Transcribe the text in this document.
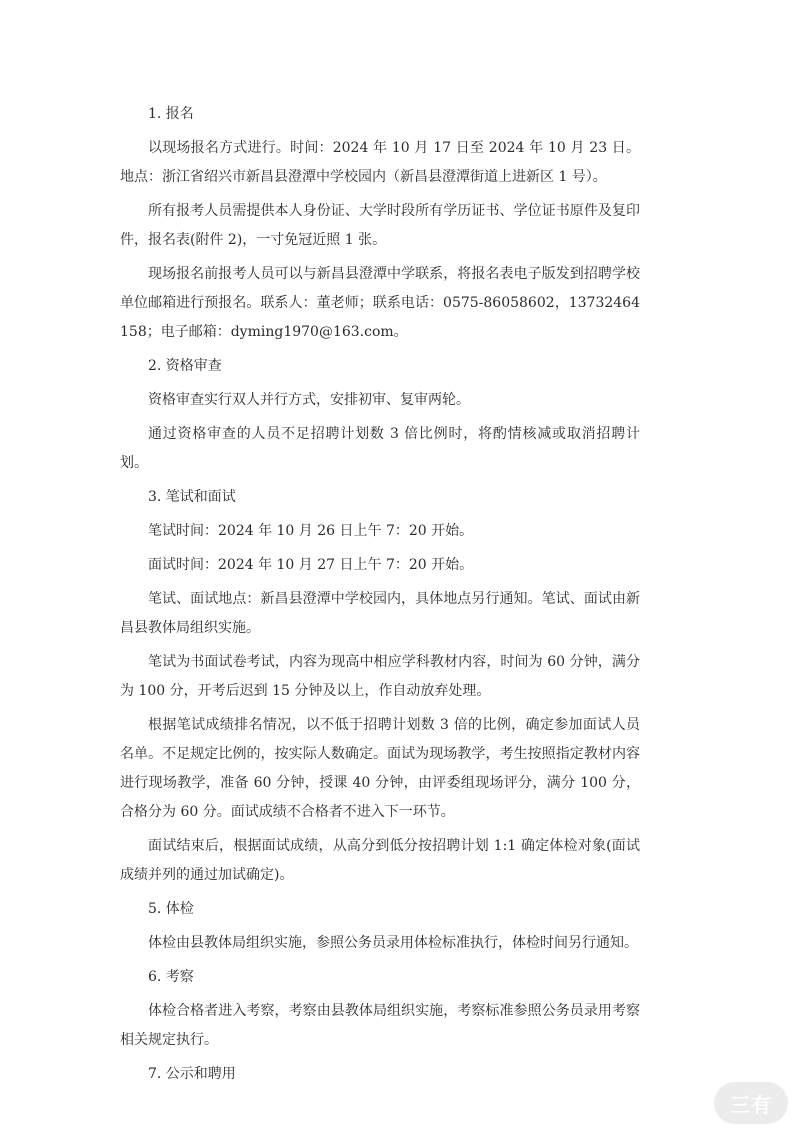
1. 报名

以现场报名方式进行。时间：2024 年 10 月 17 日至 2024 年 10 月 23 日。地点：浙江省绍兴市新昌县澄潭中学校园内（新昌县澄潭街道上进新区 1 号）。

所有报考人员需提供本人身份证、大学时段所有学历证书、学位证书原件及复印件，报名表(附件 2)，一寸免冠近照 1 张。

现场报名前报考人员可以与新昌县澄潭中学联系，将报名表电子版发到招聘学校单位邮箱进行预报名。联系人：董老师；联系电话：0575-86058602，13732464158；电子邮箱：dyming1970@163.com。

2. 资格审查

资格审查实行双人并行方式，安排初审、复审两轮。

通过资格审查的人员不足招聘计划数 3 倍比例时，将酌情核减或取消招聘计划。

3. 笔试和面试

笔试时间：2024 年 10 月 26 日上午 7：20 开始。

面试时间：2024 年 10 月 27 日上午 7：20 开始。

笔试、面试地点：新昌县澄潭中学校园内，具体地点另行通知。笔试、面试由新昌县教体局组织实施。

笔试为书面试卷考试，内容为现高中相应学科教材内容，时间为 60 分钟，满分为 100 分，开考后迟到 15 分钟及以上，作自动放弃处理。

根据笔试成绩排名情况，以不低于招聘计划数 3 倍的比例，确定参加面试人员名单。不足规定比例的，按实际人数确定。面试为现场教学，考生按照指定教材内容进行现场教学，准备 60 分钟，授课 40 分钟，由评委组现场评分，满分 100 分，合格分为 60 分。面试成绩不合格者不进入下一环节。

面试结束后，根据面试成绩，从高分到低分按招聘计划 1:1 确定体检对象(面试成绩并列的通过加试确定)。

5. 体检

体检由县教体局组织实施，参照公务员录用体检标准执行，体检时间另行通知。

6. 考察

体检合格者进入考察，考察由县教体局组织实施，考察标准参照公务员录用考察相关规定执行。

7. 公示和聘用

三有
